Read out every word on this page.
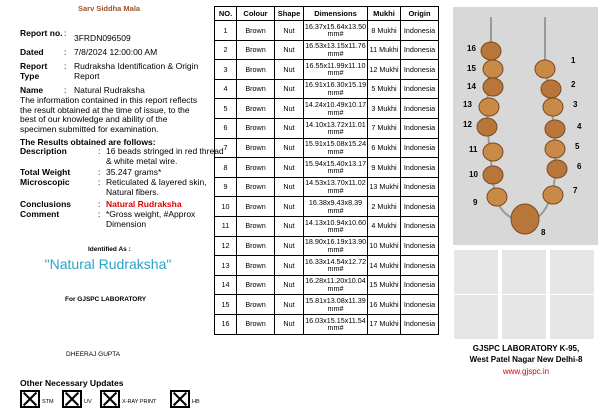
Sarv Siddha Mala
Report no. : 3FRDN096509
Dated	: 7/8/2024 12:00:00 AM
Report Type
: Rudraksha Identification & Origin Report
Name	: Natural Rudraksha
The information contained in this report reflects the result obtained at the time of issue, to the best of our knowledge and ability of the specimen submitted for examination.
The Results obtained are follows:
Description	: 16 beads stringed in red thread & white metal wire.
Total Weight	: 35.247 grams*
Microscopic	: Reticulated & layered skin, Natural fibers.
Conclusions	: Natural Rudraksha
Comment	: *Gross weight, #Approx Dimension
Identified As :
"Natural Rudraksha"
For GJSPC LABORATORY
DHEERAJ GUPTA
Other Necessary Updates
STM	UV	X-RAY PRINT	HB
NO.	Colour	Shape	Dimensions	Mukhi	Origin
1	Brown	Nut	16.37x15.64x13.50 mm#	8 Mukhi	Indonesia
2	Brown	Nut	16.53x13.15x11.76 mm#	11 Mukhi	Indonesia
3	Brown	Nut	16.55x11.99x11.10 mm#	12 Mukhi	Indonesia
4	Brown	Nut	16.91x16.30x15.19 mm#	5 Mukhi	Indonesia
5	Brown	Nut	14.24x10.49x10.17 mm#	3 Mukhi	Indonesia
6	Brown	Nut	14.10x13.72x11.01 mm#	7 Mukhi	Indonesia
7	Brown	Nut	15.91x15.08x15.24 mm#	6 Mukhi	Indonesia
8	Brown	Nut	15.94x15.40x13.17 mm#	9 Mukhi	Indonesia
9	Brown	Nut	14.53x13.70x11.02 mm#	13 Mukhi	Indonesia
10	Brown	Nut	16.38x9.43x8.39 mm#	2 Mukhi	Indonesia
11	Brown	Nut	14.13x10.94x10.60 mm#	4 Mukhi	Indonesia
12	Brown	Nut	18.90x16.19x13.90 mm#	10 Mukhi	Indonesia
13	Brown	Nut	16.33x14.54x12.72 mm#	14 Mukhi	Indonesia
14	Brown	Nut	16.28x11.20x10.04 mm#	15 Mukhi	Indonesia
15	Brown	Nut	15.81x13.08x11.39 mm#	16 Mukhi	Indonesia
16	Brown	Nut	16.03x15.15x11.54 mm#	17 Mukhi	Indonesia
1
2
3
4
5
6
7
8
9
10
11
12
13
14
15
16
GJSPC LABORATORY K-95,
West Patel Nagar New Delhi-8
www.gjspc.in
